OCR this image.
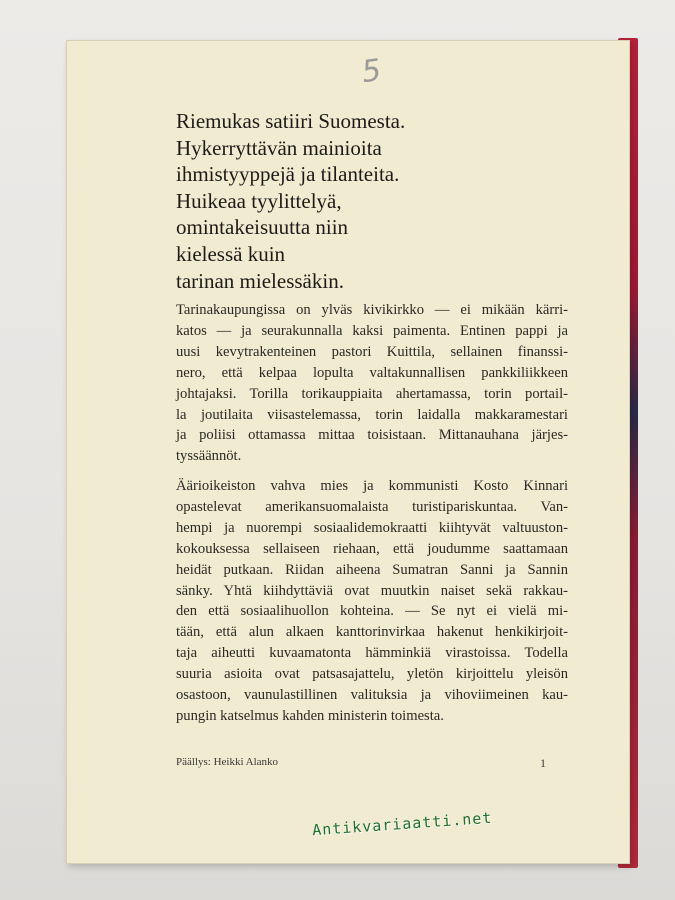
5
Riemukas satiiri Suomesta.
Hykerryttävän mainioita
ihmistyyppejä ja tilanteita.
Huikeaa tyylittelyä,
omintakeisuutta niin
kielessä kuin
tarinan mielessäkin.
Tarinakaupungissa on ylväs kivikirkko — ei mikään kärri-
katos — ja seurakunnalla kaksi paimenta. Entinen pappi ja
uusi kevytrakenteinen pastori Kuittila, sellainen finanssi-
nero, että kelpaa lopulta valtakunnallisen pankkiliikkeen
johtajaksi. Torilla torikauppiaita ahertamassa, torin portail-
la joutilaita viisastelemassa, torin laidalla makkaramestari
ja poliisi ottamassa mittaa toisistaan. Mittanauhana järjes-
tyssäännöt.
Äärioikeiston vahva mies ja kommunisti Kosto Kinnari
opastelevat amerikansuomalaista turistipariskuntaa. Van-
hempi ja nuorempi sosiaalidemokraatti kiihtyvät valtuuston-
kokouksessa sellaiseen riehaan, että joudumme saattamaan
heidät putkaan. Riidan aiheena Sumatran Sanni ja Sannin
sänky. Yhtä kiihdyttäviä ovat muutkin naiset sekä rakkau-
den että sosiaalihuollon kohteina. — Se nyt ei vielä mi-
tään, että alun alkaen kanttorinvirkaa hakenut henkikirjoit-
taja aiheutti kuvaamatonta hämminkiä virastoissa. Todella
suuria asioita ovat patsasajattelu, yletön kirjoittelu yleisön
osastoon, vaunulastillinen valituksia ja vihoviimeinen kau-
pungin katselmus kahden ministerin toimesta.
Päällys: Heikki Alanko	1
Antikvariaatti.net
